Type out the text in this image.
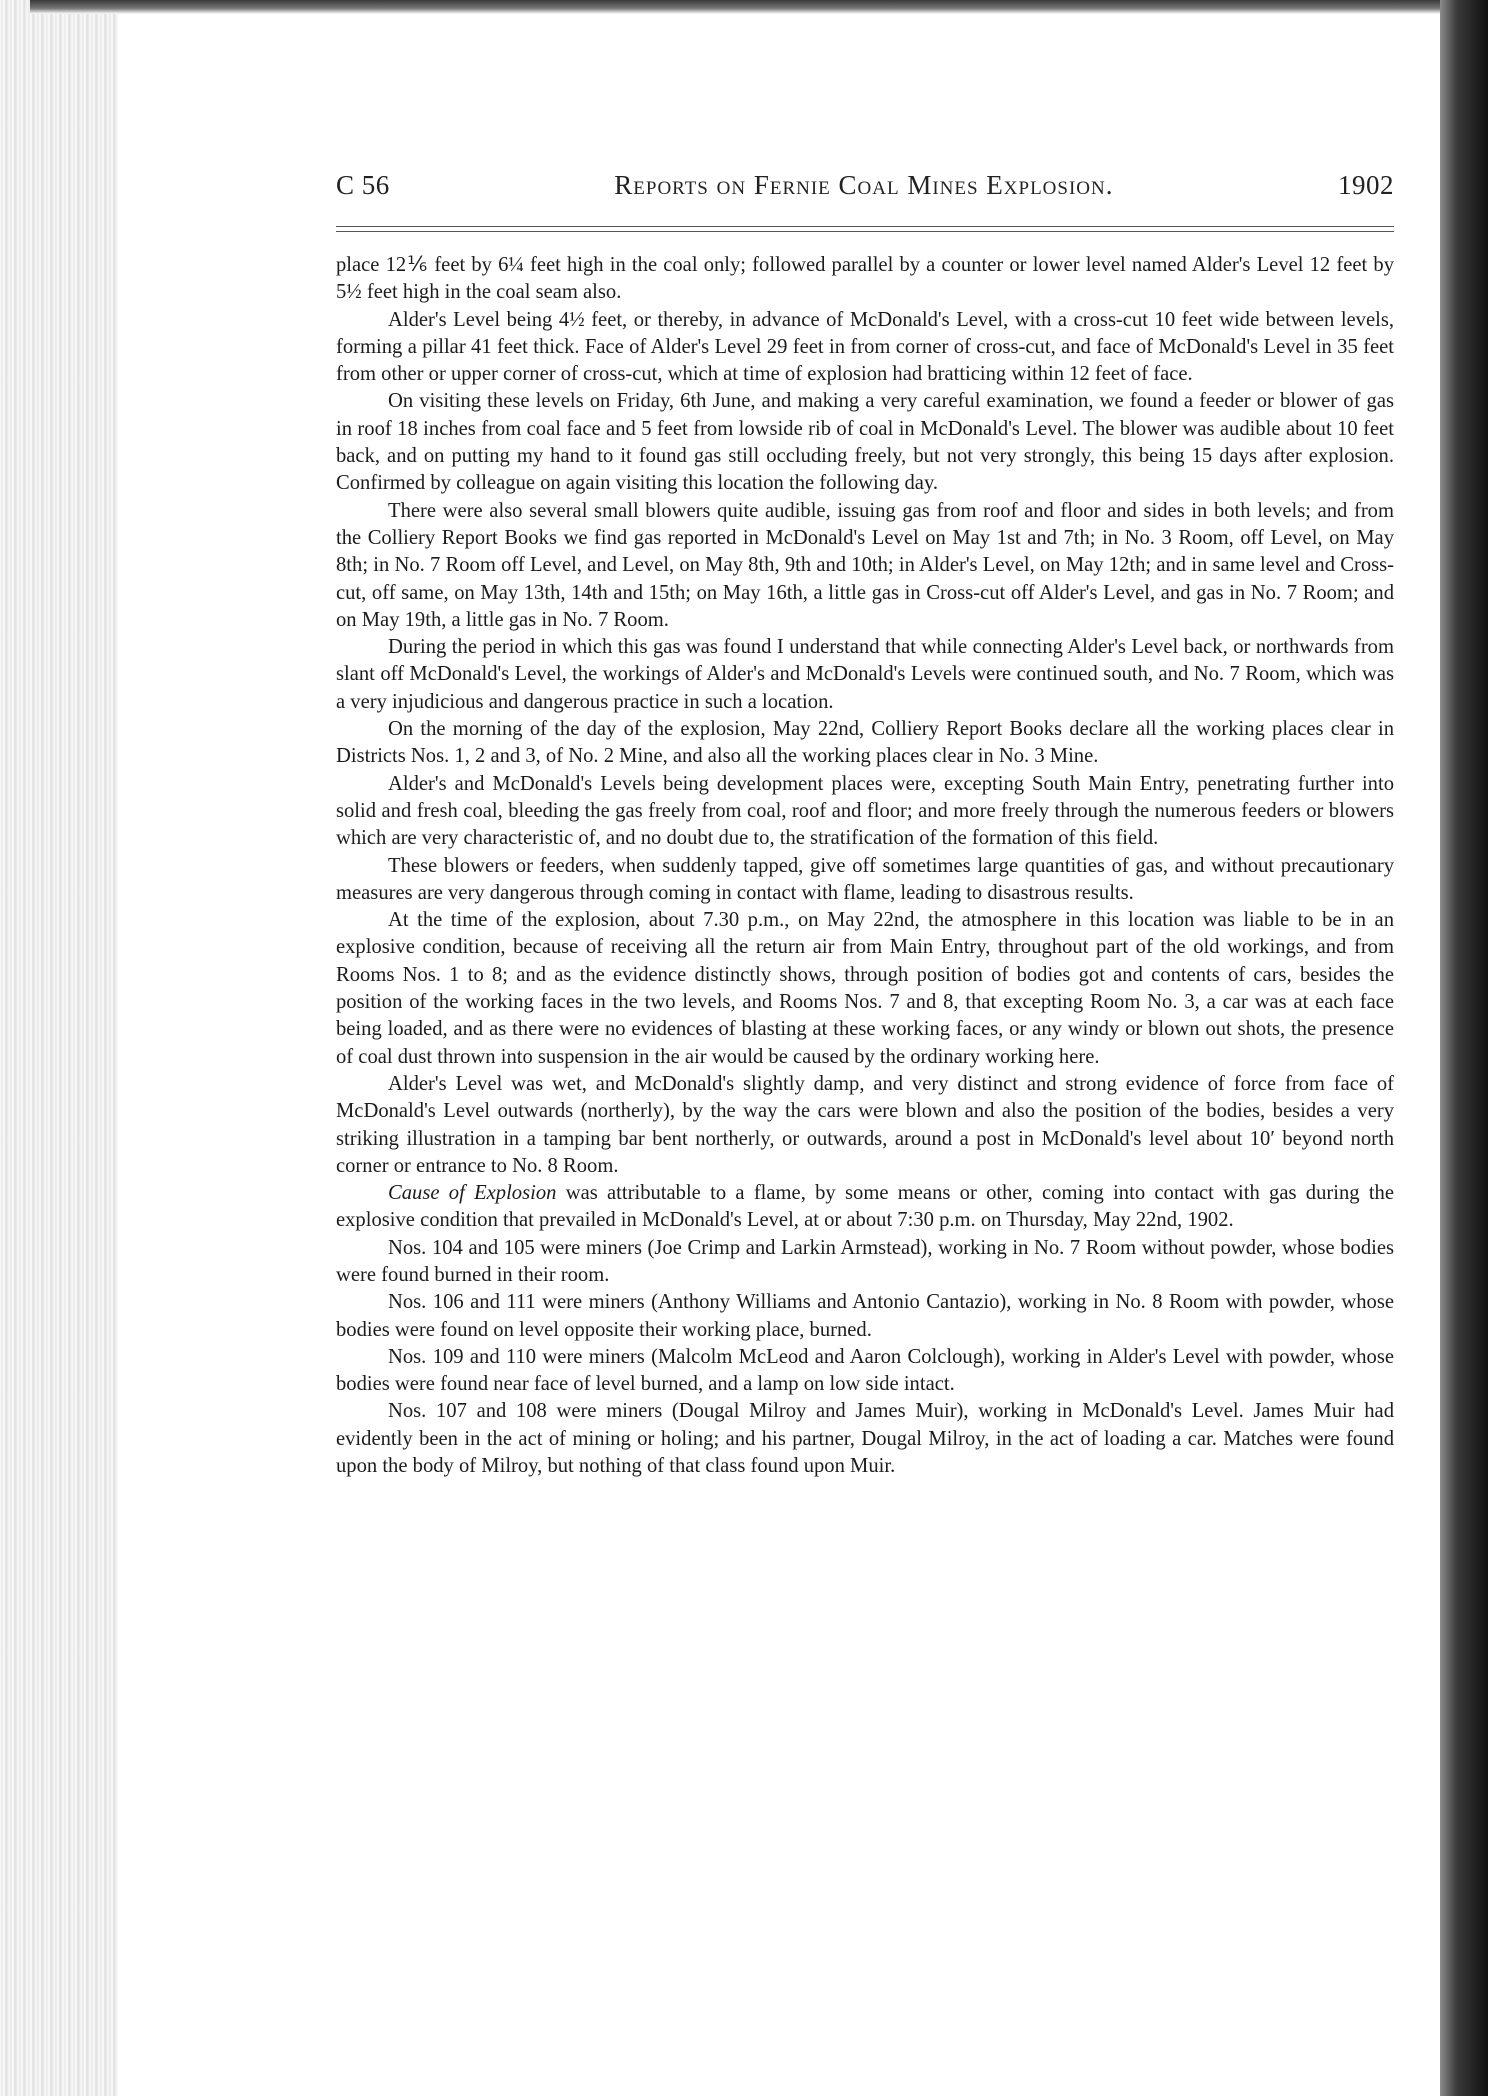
C 56	Reports on Fernie Coal Mines Explosion.	1902

place 12⅙ feet by 6¼ feet high in the coal only; followed parallel by a counter or lower level named Alder's Level 12 feet by 5½ feet high in the coal seam also.

Alder's Level being 4½ feet, or thereby, in advance of McDonald's Level, with a cross-cut 10 feet wide between levels, forming a pillar 41 feet thick. Face of Alder's Level 29 feet in from corner of cross-cut, and face of McDonald's Level in 35 feet from other or upper corner of cross-cut, which at time of explosion had bratticing within 12 feet of face.

On visiting these levels on Friday, 6th June, and making a very careful examination, we found a feeder or blower of gas in roof 18 inches from coal face and 5 feet from lowside rib of coal in McDonald's Level. The blower was audible about 10 feet back, and on putting my hand to it found gas still occluding freely, but not very strongly, this being 15 days after explosion. Confirmed by colleague on again visiting this location the following day.

There were also several small blowers quite audible, issuing gas from roof and floor and sides in both levels; and from the Colliery Report Books we find gas reported in McDonald's Level on May 1st and 7th; in No. 3 Room, off Level, on May 8th; in No. 7 Room off Level, and Level, on May 8th, 9th and 10th; in Alder's Level, on May 12th; and in same level and Cross-cut, off same, on May 13th, 14th and 15th; on May 16th, a little gas in Cross-cut off Alder's Level, and gas in No. 7 Room; and on May 19th, a little gas in No. 7 Room.

During the period in which this gas was found I understand that while connecting Alder's Level back, or northwards from slant off McDonald's Level, the workings of Alder's and McDonald's Levels were continued south, and No. 7 Room, which was a very injudicious and dangerous practice in such a location.

On the morning of the day of the explosion, May 22nd, Colliery Report Books declare all the working places clear in Districts Nos. 1, 2 and 3, of No. 2 Mine, and also all the working places clear in No. 3 Mine.

Alder's and McDonald's Levels being development places were, excepting South Main Entry, penetrating further into solid and fresh coal, bleeding the gas freely from coal, roof and floor; and more freely through the numerous feeders or blowers which are very characteristic of, and no doubt due to, the stratification of the formation of this field.

These blowers or feeders, when suddenly tapped, give off sometimes large quantities of gas, and without precautionary measures are very dangerous through coming in contact with flame, leading to disastrous results.

At the time of the explosion, about 7.30 p.m., on May 22nd, the atmosphere in this location was liable to be in an explosive condition, because of receiving all the return air from Main Entry, throughout part of the old workings, and from Rooms Nos. 1 to 8; and as the evidence distinctly shows, through position of bodies got and contents of cars, besides the position of the working faces in the two levels, and Rooms Nos. 7 and 8, that excepting Room No. 3, a car was at each face being loaded, and as there were no evidences of blasting at these working faces, or any windy or blown out shots, the presence of coal dust thrown into suspension in the air would be caused by the ordinary working here.

Alder's Level was wet, and McDonald's slightly damp, and very distinct and strong evidence of force from face of McDonald's Level outwards (northerly), by the way the cars were blown and also the position of the bodies, besides a very striking illustration in a tamping bar bent northerly, or outwards, around a post in McDonald's level about 10′ beyond north corner or entrance to No. 8 Room.

Cause of Explosion was attributable to a flame, by some means or other, coming into contact with gas during the explosive condition that prevailed in McDonald's Level, at or about 7:30 p.m. on Thursday, May 22nd, 1902.

Nos. 104 and 105 were miners (Joe Crimp and Larkin Armstead), working in No. 7 Room without powder, whose bodies were found burned in their room.

Nos. 106 and 111 were miners (Anthony Williams and Antonio Cantazio), working in No. 8 Room with powder, whose bodies were found on level opposite their working place, burned.

Nos. 109 and 110 were miners (Malcolm McLeod and Aaron Colclough), working in Alder's Level with powder, whose bodies were found near face of level burned, and a lamp on low side intact.

Nos. 107 and 108 were miners (Dougal Milroy and James Muir), working in McDonald's Level. James Muir had evidently been in the act of mining or holing; and his partner, Dougal Milroy, in the act of loading a car. Matches were found upon the body of Milroy, but nothing of that class found upon Muir.
